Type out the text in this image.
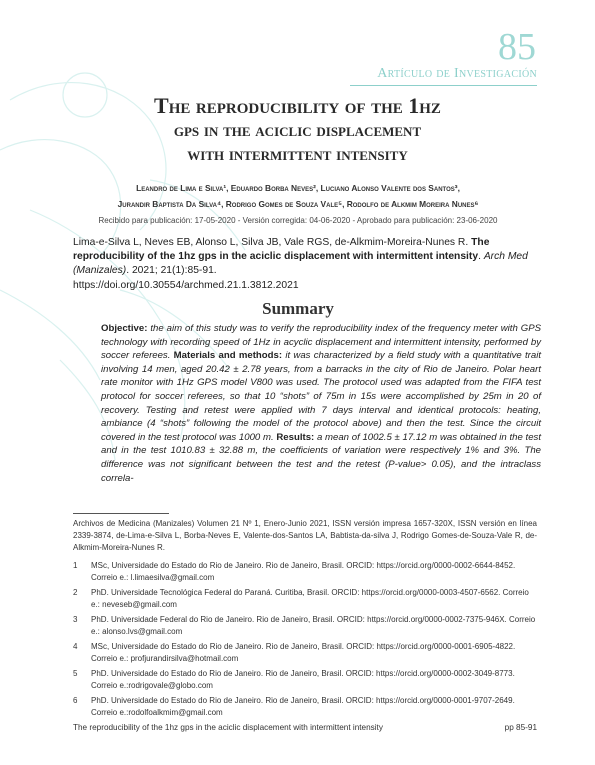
85
Artículo de Investigación
The reproducibility of the 1hz
gps in the aciclic displacement
with intermittent intensity
Leandro de Lima e Silva¹, Eduardo Borba Neves², Luciano Alonso Valente dos Santos³,
Jurandir Baptista Da Silva⁴, Rodrigo Gomes de Souza Vale⁵, Rodolfo de Alkmim Moreira Nunes⁶
Recibido para publicación: 17-05-2020 - Versión corregida: 04-06-2020 - Aprobado para publicación: 23-06-2020
Lima-e-Silva L, Neves EB, Alonso L, Silva JB, Vale RGS, de-Alkmim-Moreira-Nunes R. The reproducibility of the 1hz gps in the aciclic displacement with intermittent intensity. Arch Med (Manizales). 2021; 21(1):85-91.
https://doi.org/10.30554/archmed.21.1.3812.2021
Summary
Objective: the aim of this study was to verify the reproducibility index of the frequency meter with GPS technology with recording speed of 1Hz in acyclic displacement and intermittent intensity, performed by soccer referees. Materials and methods: it was characterized by a field study with a quantitative trait involving 14 men, aged 20.42 ± 2.78 years, from a barracks in the city of Rio de Janeiro. Polar heart rate monitor with 1Hz GPS model V800 was used. The protocol used was adapted from the FIFA test protocol for soccer referees, so that 10 “shots” of 75m in 15s were accomplished by 25m in 20 of recovery. Testing and retest were applied with 7 days interval and identical protocols: heating, ambiance (4 “shots” following the model of the protocol above) and then the test. Since the circuit covered in the test protocol was 1000 m. Results: a mean of 1002.5 ± 17.12 m was obtained in the test and in the test 1010.83 ± 32.88 m, the coefficients of variation were respectively 1% and 3%. The difference was not significant between the test and the retest (P-value> 0.05), and the intraclass correla-
Archivos de Medicina (Manizales) Volumen 21 Nº 1, Enero-Junio 2021, ISSN versión impresa 1657-320X, ISSN versión en línea 2339-3874, de-Lima-e-Silva L, Borba-Neves E, Valente-dos-Santos LA, Babtista-da-silva J, Rodrigo Gomes-de-Souza-Vale R, de-Alkmim-Moreira-Nunes R.
1 MSc, Universidade do Estado do Rio de Janeiro. Rio de Janeiro, Brasil. ORCID: https://orcid.org/0000-0002-6644-8452. Correio e.: l.limaesilva@gmail.com
2 PhD. Universidade Tecnológica Federal do Paraná. Curitiba, Brasil. ORCID: https://orcid.org/0000-0003-4507-6562. Correio e.: neveseb@gmail.com
3 PhD. Universidade Federal do Rio de Janeiro. Rio de Janeiro, Brasil. ORCID: https://orcid.org/0000-0002-7375-946X. Correio e.: alonso.lvs@gmail.com
4 MSc, Universidade do Estado do Rio de Janeiro. Rio de Janeiro, Brasil. ORCID: https://orcid.org/0000-0001-6905-4822. Correio e.: profjurandirsilva@hotmail.com
5 PhD. Universidade do Estado do Rio de Janeiro. Rio de Janeiro, Brasil. ORCID: https://orcid.org/0000-0002-3049-8773. Correio e.:rodrigovale@globo.com
6 PhD. Universidade do Estado do Rio de Janeiro. Rio de Janeiro, Brasil. ORCID: https://orcid.org/0000-0001-9707-2649. Correio e.:rodolfoalkmim@gmail.com
The reproducibility of the 1hz gps in the aciclic displacement with intermittent intensity	pp 85-91
